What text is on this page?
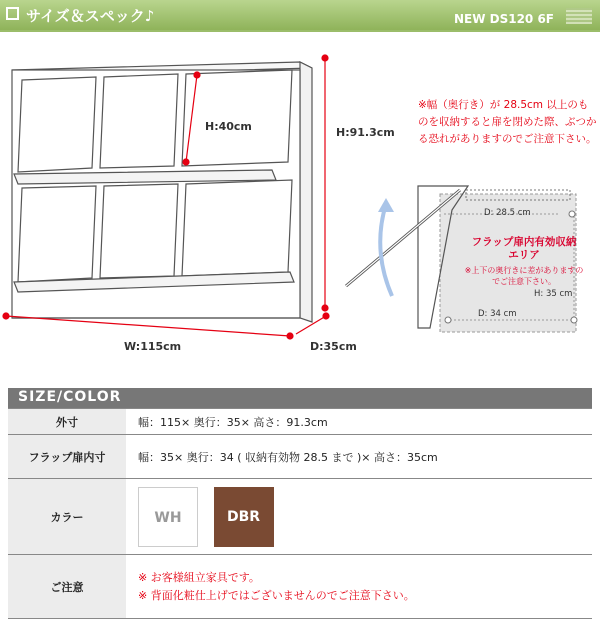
サイズ＆スペック♪	NEW DS120 6F
H:40cm	H:91.3cm
W:115cm	D:35cm
※幅（奥行き）が 28.5cm 以上のものを収納すると扉を閉めた際、ぶつかる恐れがありますのでご注意下さい。
D: 28.5 cm
フラップ扉内有効収納エリア
※上下の奥行きに差がありますのでご注意下さい。
H: 35 cm
D: 34 cm
SIZE/COLOR
外寸	幅：115× 奥行：35× 高さ：91.3cm
フラップ扉内寸	幅：35× 奥行：34 ( 収納有効物 28.5 まで )× 高さ：35cm
カラー	WH
DBR

ご注意	※ お客様組立家具です。
※ 背面化粧仕上げではございませんのでご注意下さい。
